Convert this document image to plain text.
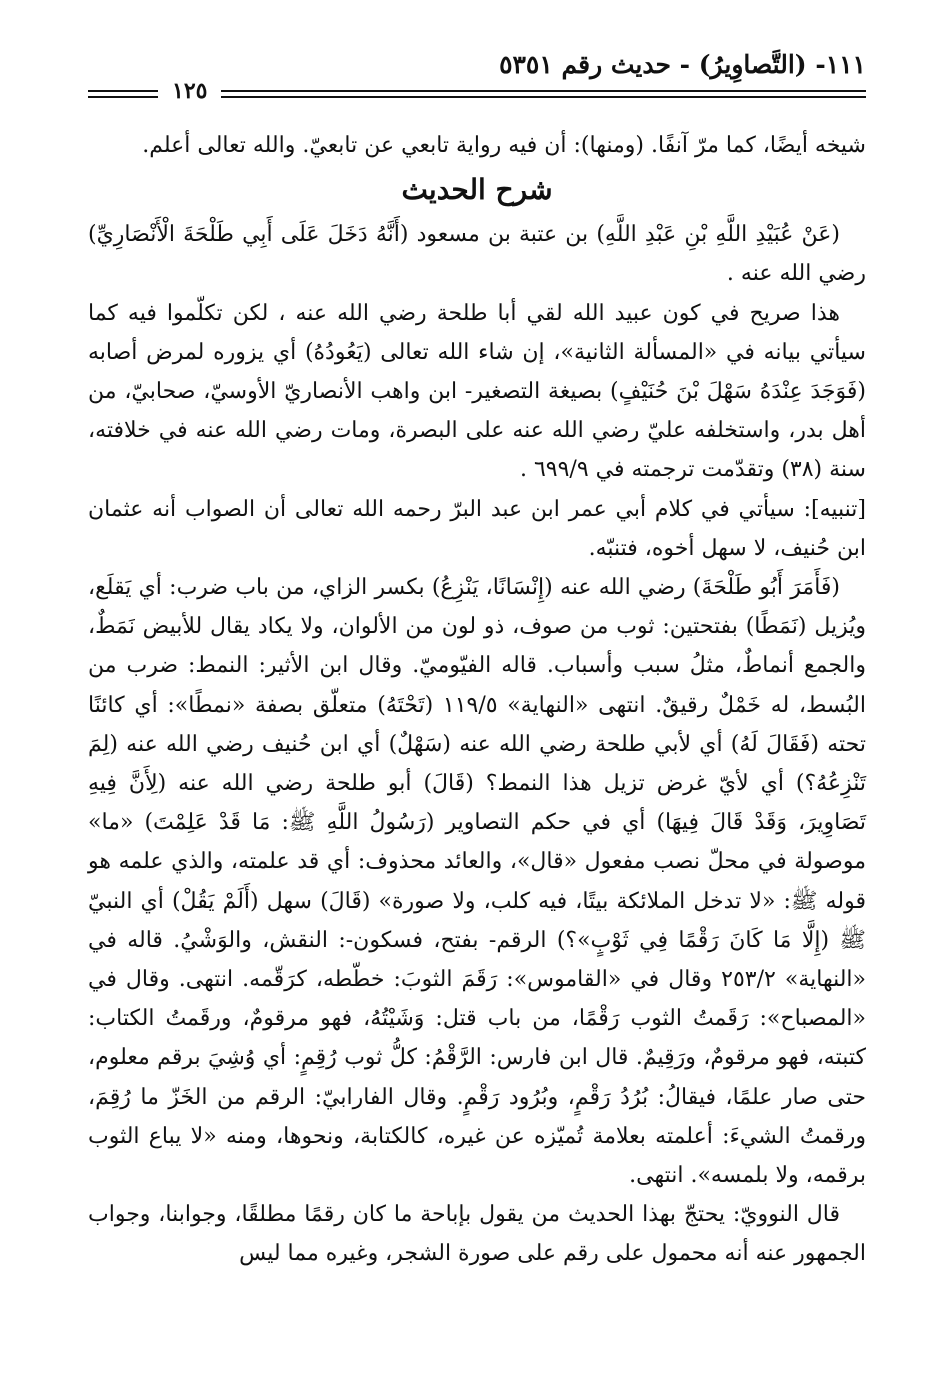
١١١- (التَّصاوِيرُ) - حديث رقم ٥٣٥١
١٢٥

شيخه أيضًا، كما مرّ آنفًا. (ومنها): أن فيه رواية تابعي عن تابعيّ. والله تعالى أعلم.

شرح الحديث

(عَنْ عُبَيْدِ اللَّهِ بْنِ عَبْدِ اللَّهِ) بن عتبة بن مسعود (أَنَّهُ دَخَلَ عَلَى أَبِي طَلْحَةَ الْأَنْصَارِيِّ) رضي الله عنه .

هذا صريح في كون عبيد الله لقي أبا طلحة رضي الله عنه ، لكن تكلّموا فيه كما سيأتي بيانه في «المسألة الثانية»، إن شاء الله تعالى (يَعُودُهُ) أي يزوره لمرض أصابه (فَوَجَدَ عِنْدَهُ سَهْلَ بْنَ حُنَيْفٍ) بصيغة التصغير- ابن واهب الأنصاريّ الأوسيّ، صحابيّ، من أهل بدر، واستخلفه عليّ رضي الله عنه على البصرة، ومات رضي الله عنه في خلافته، سنة (٣٨) وتقدّمت ترجمته في ٦٩٩/٩ .

[تنبيه]: سيأتي في كلام أبي عمر ابن عبد البرّ رحمه الله تعالى أن الصواب أنه عثمان ابن حُنيف، لا سهل أخوه، فتنبّه.

(فَأَمَرَ أَبُو طَلْحَةَ) رضي الله عنه (إِنْسَانًا، يَنْزِعُ) بكسر الزاي، من باب ضرب: أي يَقلَع، ويُزيل (نَمَطًا) بفتحتين: ثوب من صوف، ذو لون من الألوان، ولا يكاد يقال للأبيض نَمَطٌ، والجمع أنماطٌ، مثلُ سبب وأسباب. قاله الفيّوميّ. وقال ابن الأثير: النمط: ضرب من البُسط، له خَمْلٌ رقيقٌ. انتهى «النهاية» ١١٩/٥ (تَحْتَهُ) متعلّق بصفة «نمطًا»: أي كائنًا تحته (فَقَالَ لَهُ) أي لأبي طلحة رضي الله عنه (سَهْلٌ) أي ابن حُنيف رضي الله عنه (لِمَ تَنْزِعُهُ؟) أي لأيّ غرض تزيل هذا النمط؟ (قَالَ) أبو طلحة رضي الله عنه (لِأَنَّ فِيهِ تَصَاوِيرَ، وَقَدْ قَالَ فِيهَا) أي في حكم التصاوير (رَسُولُ اللَّهِ ﷺ: مَا قَدْ عَلِمْتَ) «ما» موصولة في محلّ نصب مفعول «قال»، والعائد محذوف: أي قد علمته، والذي علمه هو قوله ﷺ: «لا تدخل الملائكة بيتًا، فيه كلب، ولا صورة» (قَالَ) سهل (أَلَمْ يَقُلْ) أي النبيّ ﷺ (إِلَّا مَا كَانَ رَقْمًا فِي ثَوْبٍ»؟) الرقم- بفتح، فسكون-: النقش، والوَشْيُ. قاله في «النهاية» ٢٥٣/٢ وقال في «القاموس»: رَقَمَ الثوبَ: خطّطه، كرَقّمه. انتهى. وقال في «المصباح»: رَقَمتُ الثوب رَقْمًا، من باب قتل: وَشَيْتُهُ، فهو مرقومٌ، ورقَمتُ الكتاب: كتبته، فهو مرقومٌ، ورَقِيمٌ. قال ابن فارس: الرَّقْمُ: كلُّ ثوب رُقِمٍ: أي وُشِيَ برقم معلوم، حتى صار علمًا، فيقالُ: بُرُدُ رَقْمٍ، وبُرُود رَقْمٍ. وقال الفارابيّ: الرقم من الخَزّ ما رُقِمَ، ورقمتُ الشيءَ: أعلمته بعلامة تُميّزه عن غيره، كالكتابة، ونحوها، ومنه «لا يباع الثوب برقمه، ولا بلمسه». انتهى.

قال النوويّ: يحتجّ بهذا الحديث من يقول بإباحة ما كان رقمًا مطلقًا، وجوابنا، وجواب الجمهور عنه أنه محمول على رقم على صورة الشجر، وغيره مما ليس
